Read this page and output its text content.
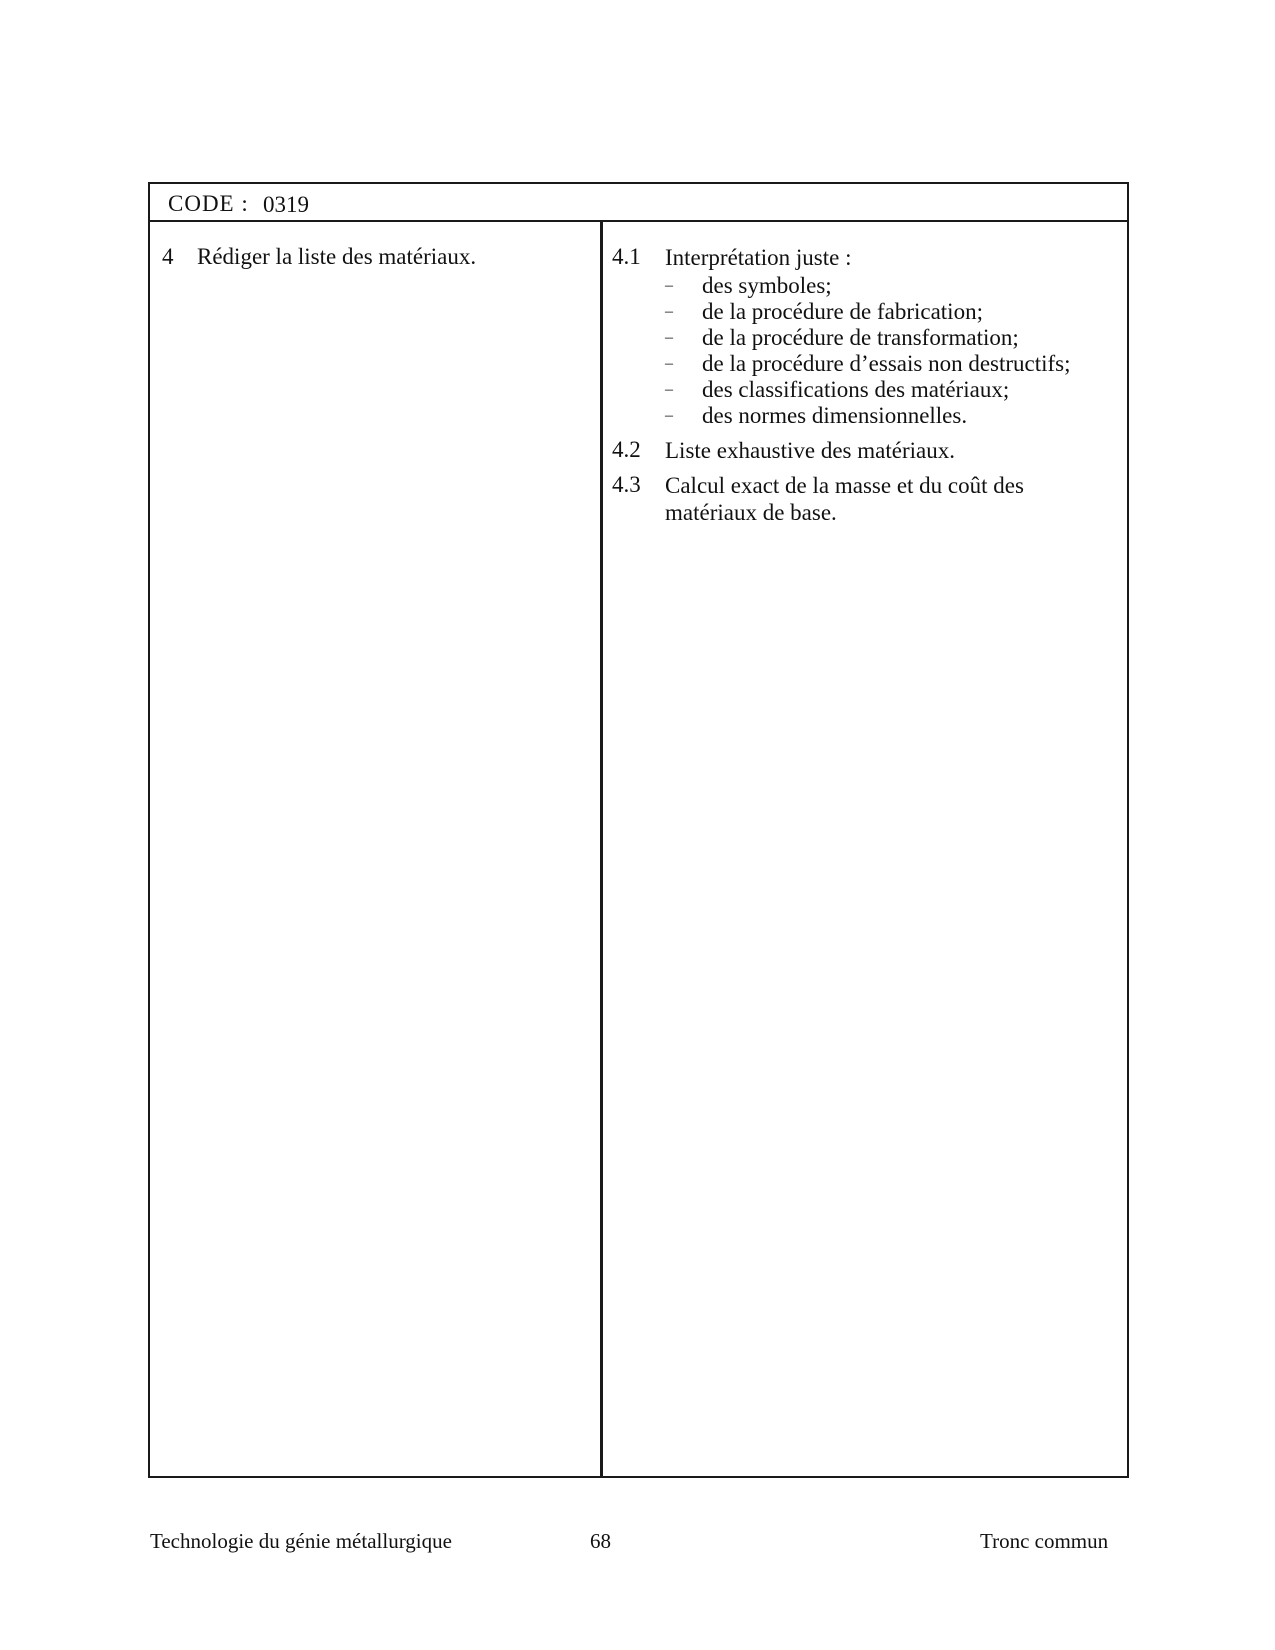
CODE : 0319
4 Rédiger la liste des matériaux.	4.1 Interprétation juste :
– des symboles;
– de la procédure de fabrication;
– de la procédure de transformation;
– de la procédure d’essais non destructifs;
– des classifications des matériaux;
– des normes dimensionnelles.
4.2 Liste exhaustive des matériaux.
4.3 Calcul exact de la masse et du coût des matériaux de base.
Technologie du génie métallurgique	68	Tronc commun
